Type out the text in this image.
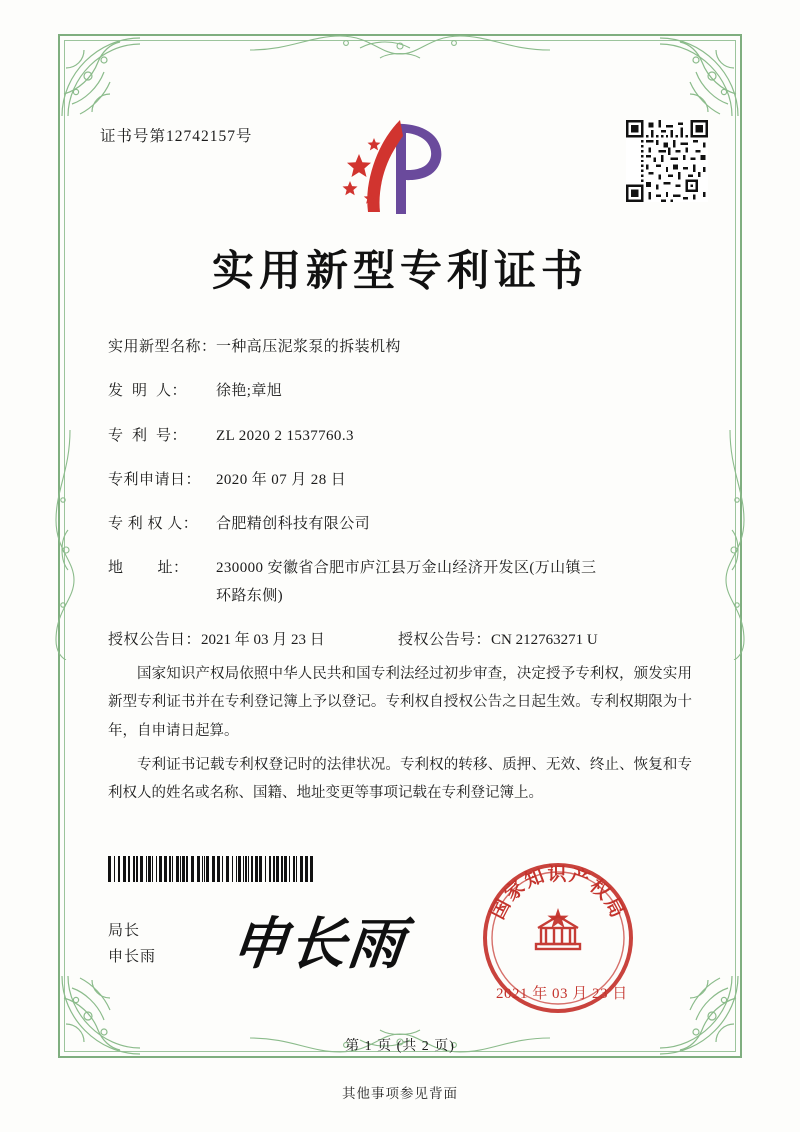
证书号第12742157号
实用新型专利证书
实用新型名称： 一种高压泥浆泵的拆装机构
发  明  人：	徐艳;章旭
专  利  号：	ZL 2020 2 1537760.3
专利申请日： 2020 年 07 月 28 日
专 利 权 人：	合肥精创科技有限公司
地        址：	230000 安徽省合肥市庐江县万金山经济开发区(万山镇三
环路东侧)
授权公告日：2021 年 03 月 23 日	授权公告号：CN 212763271 U

国家知识产权局依照中华人民共和国专利法经过初步审查，决定授予专利权，颁发实用新型专利证书并在专利登记簿上予以登记。专利权自授权公告之日起生效。专利权期限为十年，自申请日起算。

专利证书记载专利权登记时的法律状况。专利权的转移、质押、无效、终止、恢复和专利权人的姓名或名称、国籍、地址变更等事项记载在专利登记簿上。

局长
申长雨 申长雨
国家知识产权局
2021 年 03 月 23 日
第 1 页 (共 2 页)
其他事项参见背面
